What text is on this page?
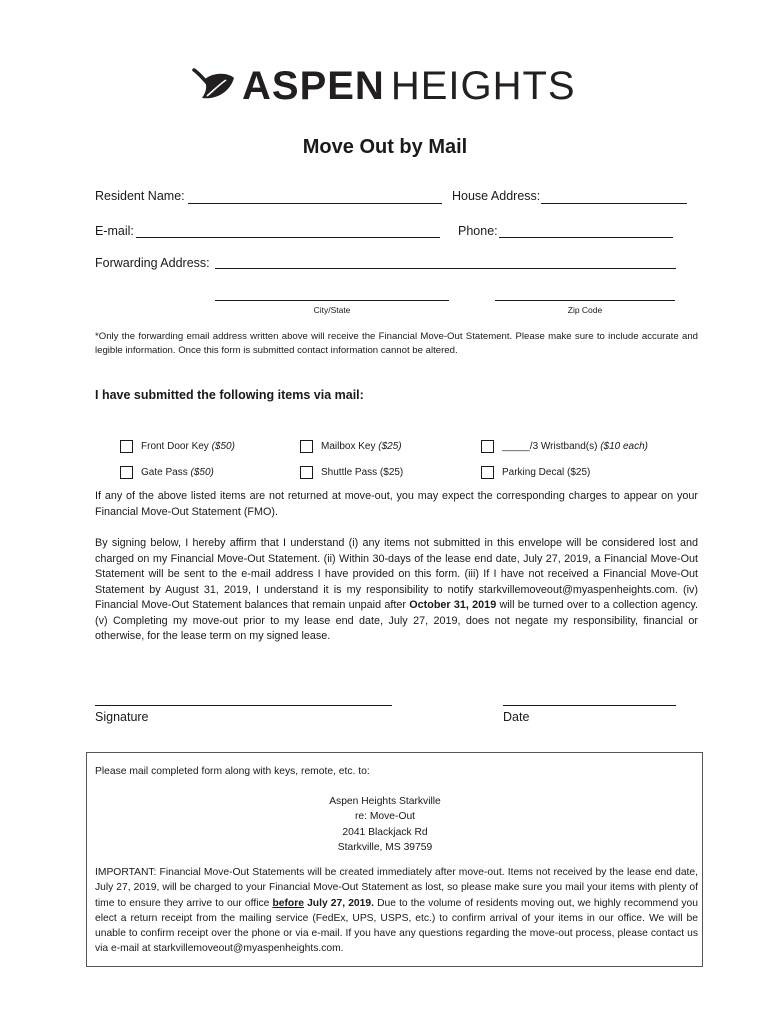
ASPEN HEIGHTS
Move Out by Mail
Resident Name:	House Address:
E-mail:	Phone:
Forwarding Address:
City/State	Zip Code
*Only the forwarding email address written above will receive the Financial Move-Out Statement. Please make sure to include accurate and legible information. Once this form is submitted contact information cannot be altered.
I have submitted the following items via mail:
Front Door Key ($50)	Mailbox Key ($25)	_____/3 Wristband(s) ($10 each)
Gate Pass ($50)	Shuttle Pass ($25)	Parking Decal ($25)
If any of the above listed items are not returned at move-out, you may expect the corresponding charges to appear on your Financial Move-Out Statement (FMO).
By signing below, I hereby affirm that I understand (i) any items not submitted in this envelope will be considered lost and charged on my Financial Move-Out Statement. (ii) Within 30-days of the lease end date, July 27, 2019, a Financial Move-Out Statement will be sent to the e-mail address I have provided on this form. (iii) If I have not received a Financial Move-Out Statement by August 31, 2019, I understand it is my responsibility to notify starkvillemoveout@myaspenheights.com. (iv) Financial Move-Out Statement balances that remain unpaid after October 31, 2019 will be turned over to a collection agency. (v) Completing my move-out prior to my lease end date, July 27, 2019, does not negate my responsibility, financial or otherwise, for the lease term on my signed lease.
Signature	Date
Please mail completed form along with keys, remote, etc. to:
Aspen Heights Starkville
re: Move-Out
2041 Blackjack Rd
Starkville, MS 39759
IMPORTANT: Financial Move-Out Statements will be created immediately after move-out. Items not received by the lease end date, July 27, 2019, will be charged to your Financial Move-Out Statement as lost, so please make sure you mail your items with plenty of time to ensure they arrive to our office before July 27, 2019. Due to the volume of residents moving out, we highly recommend you elect a return receipt from the mailing service (FedEx, UPS, USPS, etc.) to confirm arrival of your items in our office. We will be unable to confirm receipt over the phone or via e-mail. If you have any questions regarding the move-out process, please contact us via e-mail at starkvillemoveout@myaspenheights.com.
